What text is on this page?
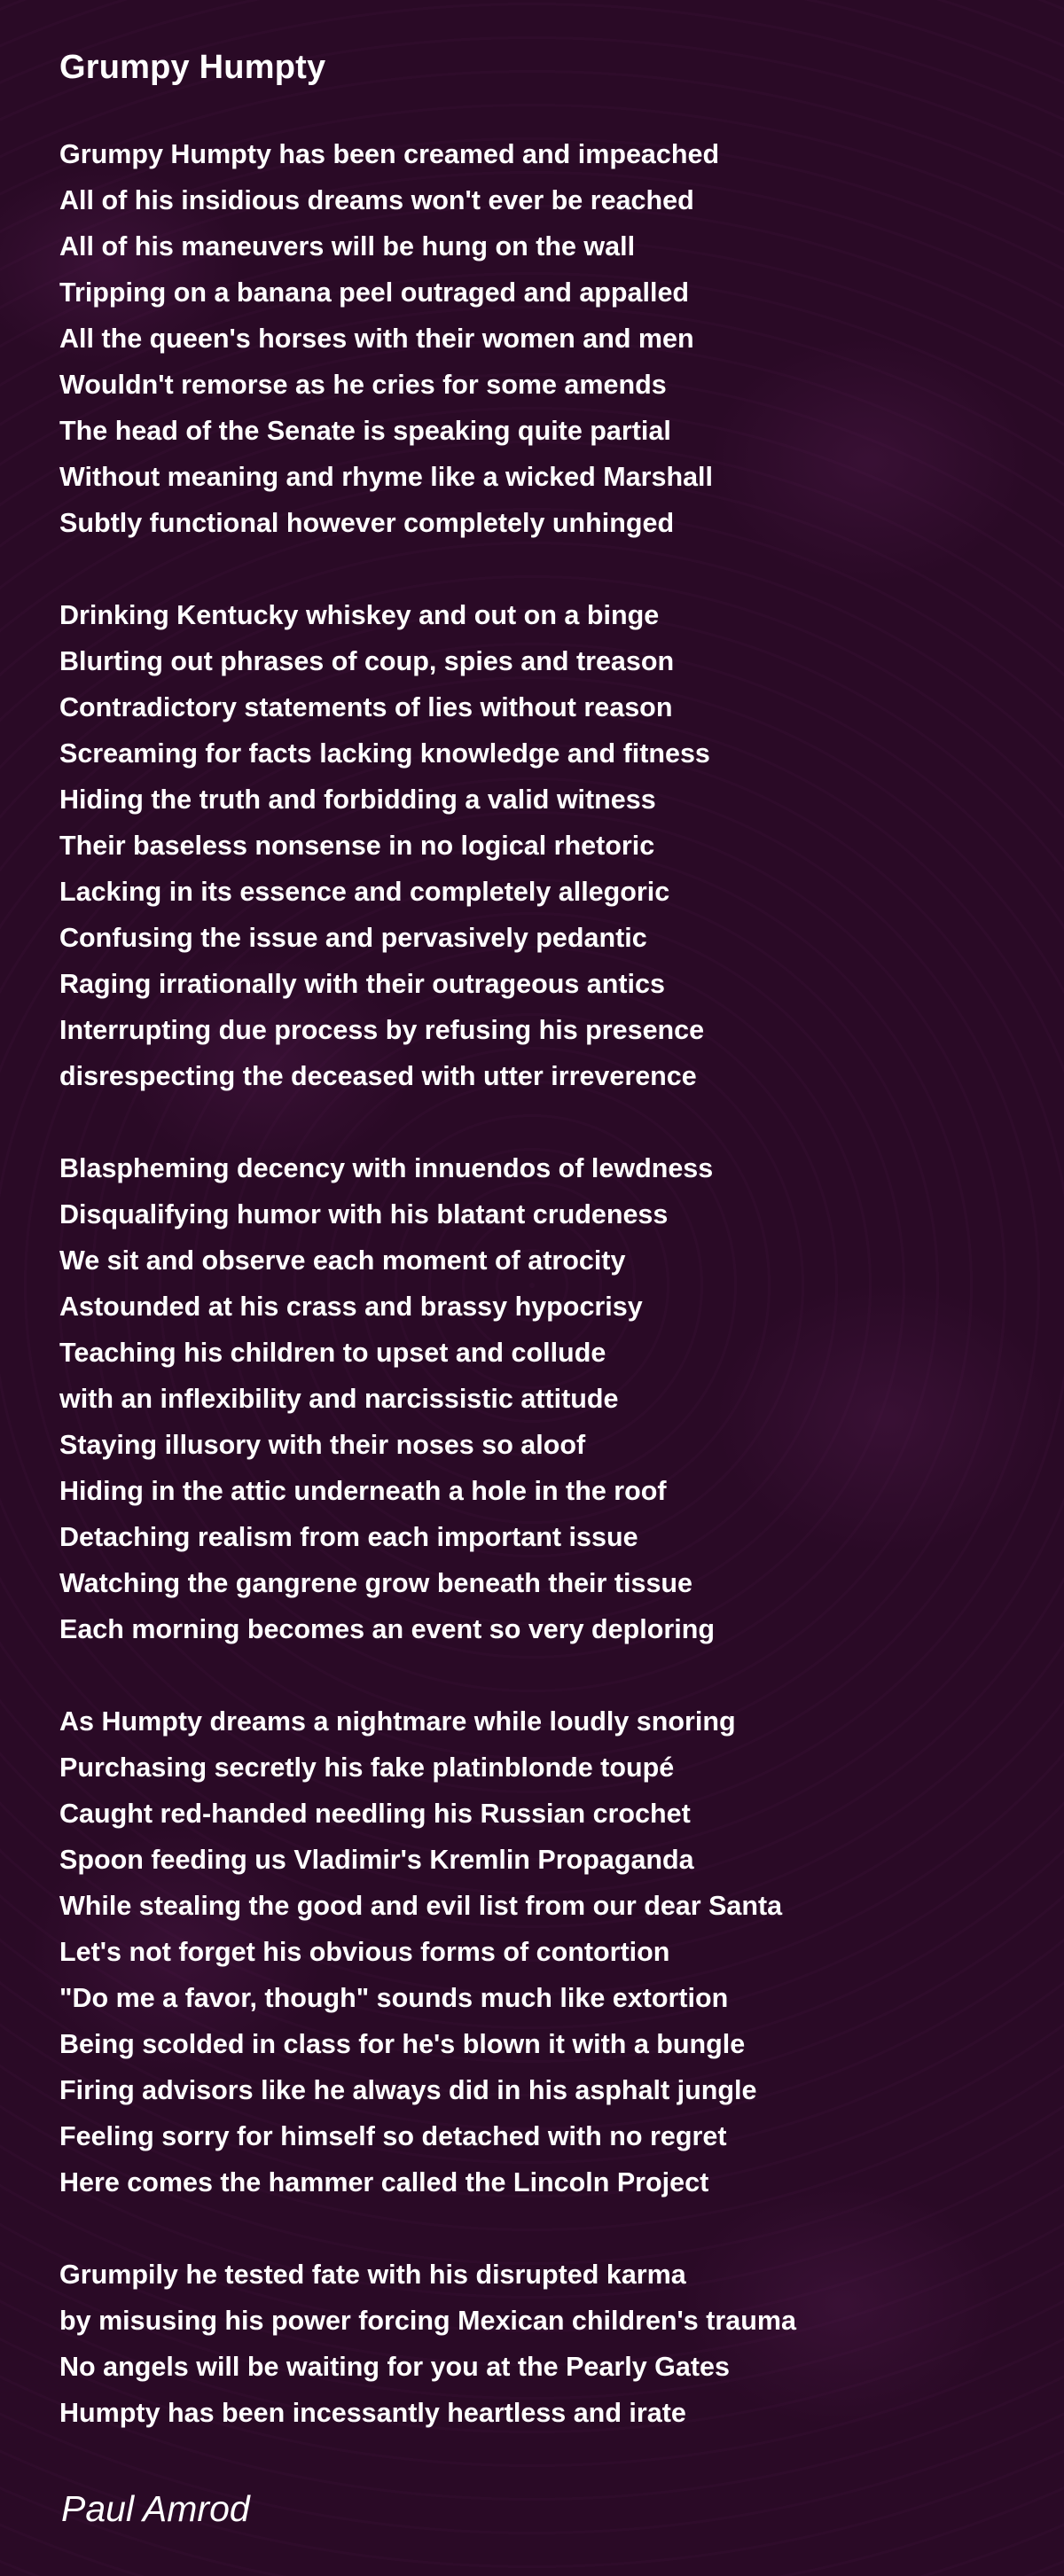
Grumpy Humpty
Grumpy Humpty has been creamed and impeached
All of his insidious dreams won't ever be reached
All of his maneuvers will be hung on the wall
Tripping on a banana peel outraged and appalled
All the queen's horses with their women and men
Wouldn't remorse as he cries for some amends
The head of the Senate is speaking quite partial
Without meaning and rhyme like a wicked Marshall
Subtly functional however completely unhinged
Drinking Kentucky whiskey and out on a binge
Blurting out phrases of coup, spies and treason
Contradictory statements of lies without reason
Screaming for facts lacking knowledge and fitness
Hiding the truth and forbidding a valid witness
Their baseless nonsense in no logical rhetoric
Lacking in its essence and completely allegoric
Confusing the issue and pervasively pedantic
Raging irrationally with their outrageous antics
Interrupting due process by refusing his presence
disrespecting the deceased with utter irreverence
Blaspheming decency with innuendos of lewdness
Disqualifying humor with his blatant crudeness
We sit and observe each moment of atrocity
Astounded at his crass and brassy hypocrisy
Teaching his children to upset and collude
with an inflexibility and narcissistic attitude
Staying illusory with their noses so aloof
Hiding in the attic underneath a hole in the roof
Detaching realism from each important issue
Watching the gangrene grow beneath their tissue
Each morning becomes an event so very deploring
As Humpty dreams a nightmare while loudly snoring
Purchasing secretly his fake platinblonde toupé
Caught red-handed needling his Russian crochet
Spoon feeding us Vladimir's Kremlin Propaganda
While stealing the good and evil list from our dear Santa
Let's not forget his obvious forms of contortion
"Do me a favor, though" sounds much like extortion
Being scolded in class for he's blown it with a bungle
Firing advisors like he always did in his asphalt jungle
Feeling sorry for himself so detached with no regret
Here comes the hammer called the Lincoln Project
Grumpily he tested fate with his disrupted karma
by misusing his power forcing Mexican children's trauma
No angels will be waiting for you at the Pearly Gates
Humpty has been incessantly heartless and irate
Paul Amrod
